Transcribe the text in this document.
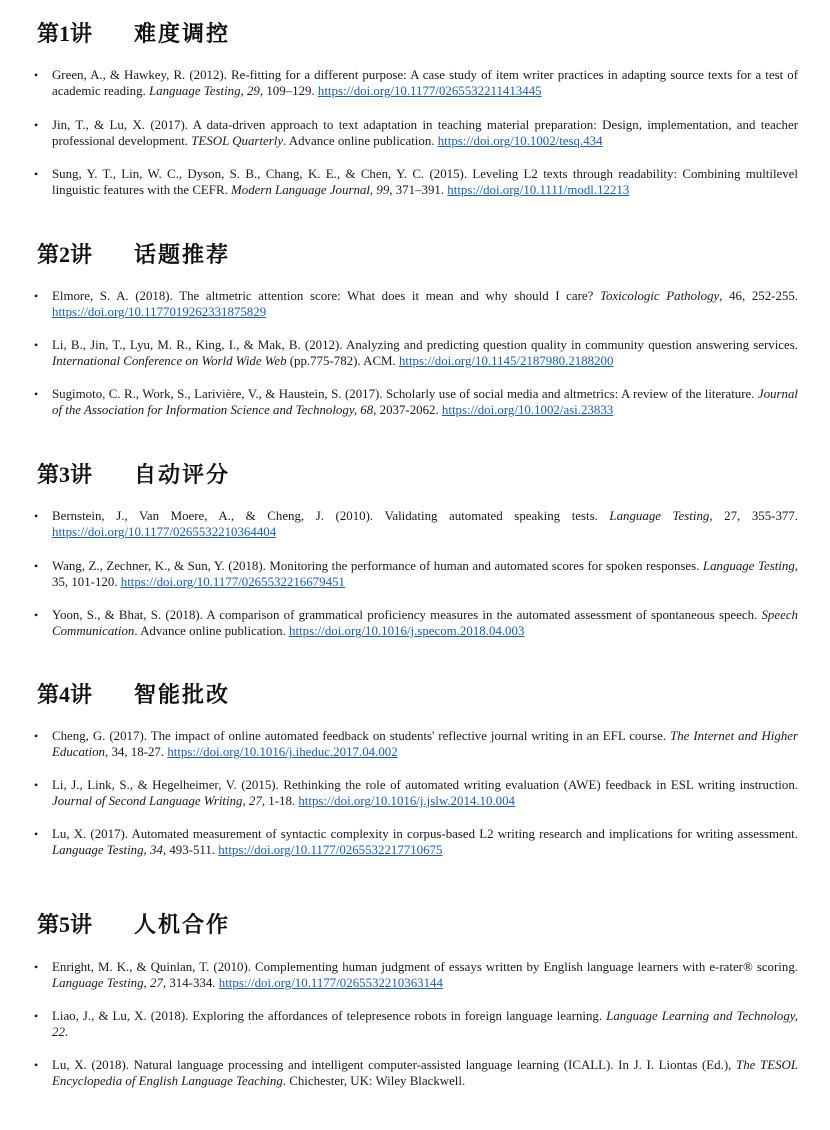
第1讲 难度调控
• Green, A., & Hawkey, R. (2012). Re-fitting for a different purpose: A case study of item writer practices in adapting source texts for a test of academic reading. Language Testing, 29, 109–129. https://doi.org/10.1177/0265532211413445
• Jin, T., & Lu, X. (2017). A data-driven approach to text adaptation in teaching material preparation: Design, implementation, and teacher professional development. TESOL Quarterly. Advance online publication. https://doi.org/10.1002/tesq.434
• Sung, Y. T., Lin, W. C., Dyson, S. B., Chang, K. E., & Chen, Y. C. (2015). Leveling L2 texts through readability: Combining multilevel linguistic features with the CEFR. Modern Language Journal, 99, 371–391. https://doi.org/10.1111/modl.12213
第2讲 话题推荐
• Elmore, S. A. (2018). The altmetric attention score: What does it mean and why should I care? Toxicologic Pathology, 46, 252-255. https://doi.org/10.1177019262331875829
• Li, B., Jin, T., Lyu, M. R., King, I., & Mak, B. (2012). Analyzing and predicting question quality in community question answering services. International Conference on World Wide Web (pp.775-782). ACM. https://doi.org/10.1145/2187980.2188200
• Sugimoto, C. R., Work, S., Larivière, V., & Haustein, S. (2017). Scholarly use of social media and altmetrics: A review of the literature. Journal of the Association for Information Science and Technology, 68, 2037-2062. https://doi.org/10.1002/asi.23833
第3讲 自动评分
• Bernstein, J., Van Moere, A., & Cheng, J. (2010). Validating automated speaking tests. Language Testing, 27, 355-377. https://doi.org/10.1177/0265532210364404
• Wang, Z., Zechner, K., & Sun, Y. (2018). Monitoring the performance of human and automated scores for spoken responses. Language Testing, 35, 101-120. https://doi.org/10.1177/0265532216679451
• Yoon, S., & Bhat, S. (2018). A comparison of grammatical proficiency measures in the automated assessment of spontaneous speech. Speech Communication. Advance online publication. https://doi.org/10.1016/j.specom.2018.04.003
第4讲 智能批改
• Cheng, G. (2017). The impact of online automated feedback on students' reflective journal writing in an EFL course. The Internet and Higher Education, 34, 18-27. https://doi.org/10.1016/j.iheduc.2017.04.002
• Li, J., Link, S., & Hegelheimer, V. (2015). Rethinking the role of automated writing evaluation (AWE) feedback in ESL writing instruction. Journal of Second Language Writing, 27, 1-18. https://doi.org/10.1016/j.jslw.2014.10.004
• Lu, X. (2017). Automated measurement of syntactic complexity in corpus-based L2 writing research and implications for writing assessment. Language Testing, 34, 493-511. https://doi.org/10.1177/0265532217710675
第5讲 人机合作
• Enright, M. K., & Quinlan, T. (2010). Complementing human judgment of essays written by English language learners with e-rater® scoring. Language Testing, 27, 314-334. https://doi.org/10.1177/0265532210363144
• Liao, J., & Lu, X. (2018). Exploring the affordances of telepresence robots in foreign language learning. Language Learning and Technology, 22.
• Lu, X. (2018). Natural language processing and intelligent computer-assisted language learning (ICALL). In J. I. Liontas (Ed.), The TESOL Encyclopedia of English Language Teaching. Chichester, UK: Wiley Blackwell.
